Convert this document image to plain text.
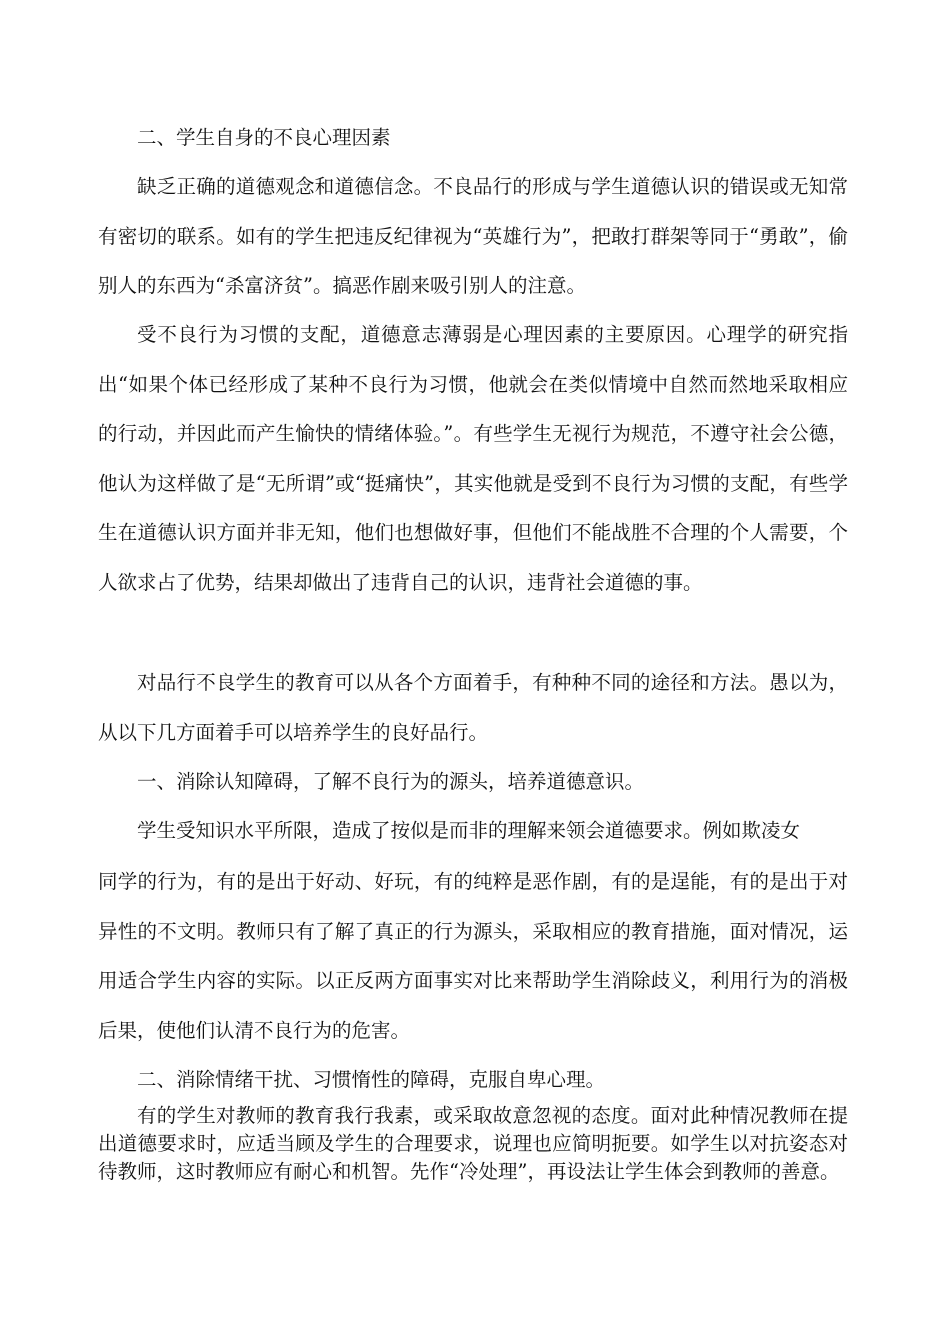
二、学生自身的不良心理因素

缺乏正确的道德观念和道德信念。不良品行的形成与学生道德认识的错误或无知常有密切的联系。如有的学生把违反纪律视为“英雄行为”，把敢打群架等同于“勇敢”，偷别人的东西为“杀富济贫”。搞恶作剧来吸引别人的注意。

受不良行为习惯的支配，道德意志薄弱是心理因素的主要原因。心理学的研究指出“如果个体已经形成了某种不良行为习惯，他就会在类似情境中自然而然地采取相应的行动，并因此而产生愉快的情绪体验。”。有些学生无视行为规范，不遵守社会公德，他认为这样做了是“无所谓”或“挺痛快”，其实他就是受到不良行为习惯的支配，有些学生在道德认识方面并非无知，他们也想做好事，但他们不能战胜不合理的个人需要，个人欲求占了优势，结果却做出了违背自己的认识，违背社会道德的事。

对品行不良学生的教育可以从各个方面着手，有种种不同的途径和方法。愚以为，从以下几方面着手可以培养学生的良好品行。

一、消除认知障碍，了解不良行为的源头，培养道德意识。

学生受知识水平所限，造成了按似是而非的理解来领会道德要求。例如欺凌女

同学的行为，有的是出于好动、好玩，有的纯粹是恶作剧，有的是逞能，有的是出于对异性的不文明。教师只有了解了真正的行为源头，采取相应的教育措施，面对情况，运用适合学生内容的实际。以正反两方面事实对比来帮助学生消除歧义，利用行为的消极后果，使他们认清不良行为的危害。

二、消除情绪干扰、习惯惰性的障碍，克服自卑心理。

有的学生对教师的教育我行我素，或采取故意忽视的态度。面对此种情况教师在提出道德要求时，应适当顾及学生的合理要求，说理也应简明扼要。如学生以对抗姿态对待教师，这时教师应有耐心和机智。先作“冷处理”，再设法让学生体会到教师的善意。
